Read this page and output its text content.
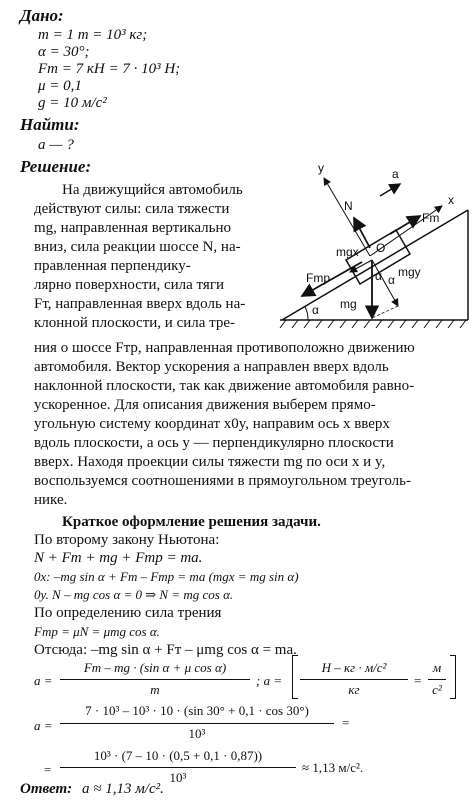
Дано:
m = 1 т = 10³ кг;
α = 30°;
Fт = 7 кН = 7 · 10³ Н;
μ = 0,1
g = 10 м/с²
Найти:
a — ?
Решение:
На движущийся автомобиль
действуют силы: сила тяжести
mg, направленная вертикально
вниз, сила реакции шоссе N, на-
правленная перпендику-
лярно поверхности, сила тяги
Fт, направленная вверх вдоль на-
клонной плоскости, и сила тре-
ния о шоссе Fтр, направленная противоположно движению
автомобиля. Вектор ускорения a направлен вверх вдоль
наклонной плоскости, так как движение автомобиля равно-
ускоренное. Для описания движения выберем прямо-
угольную систему координат x0y, направим ось x вверх
вдоль плоскости, а ось y — перпендикулярно плоскости
вверх. Находя проекции силы тяжести mg по оси x и y,
воспользуемся соотношениями в прямоугольном треуголь-
нике.
y
x
N
a
Fm
Fmp
mgx
mgy
O
mg
α
α α
Краткое оформление решения задачи.
По второму закону Ньютона:
N + Fт + mg + Fтр = ma.
0x: –mg sin α + Fт – Fтр = ma (mgx = mg sin α)
0y. N – mg cos α = 0 ⇒ N = mg cos α.
По определению сила трения
Fтр = μN = μmg cos α.
Отсюда: –mg sin α + Fт – μmg cos α = ma.
a =
Fт – mg · (sin α + μ cos α)
m
; a =
Н – кг · м/с²
кг
=
м
с²
a =
7 · 10³ – 10³ · 10 · (sin 30° + 0,1 · cos 30°)
10³
=
=
10³ · (7 – 10 · (0,5 + 0,1 · 0,87))
10³
≈ 1,13 м/с².
Ответ: a ≈ 1,13 м/с².
